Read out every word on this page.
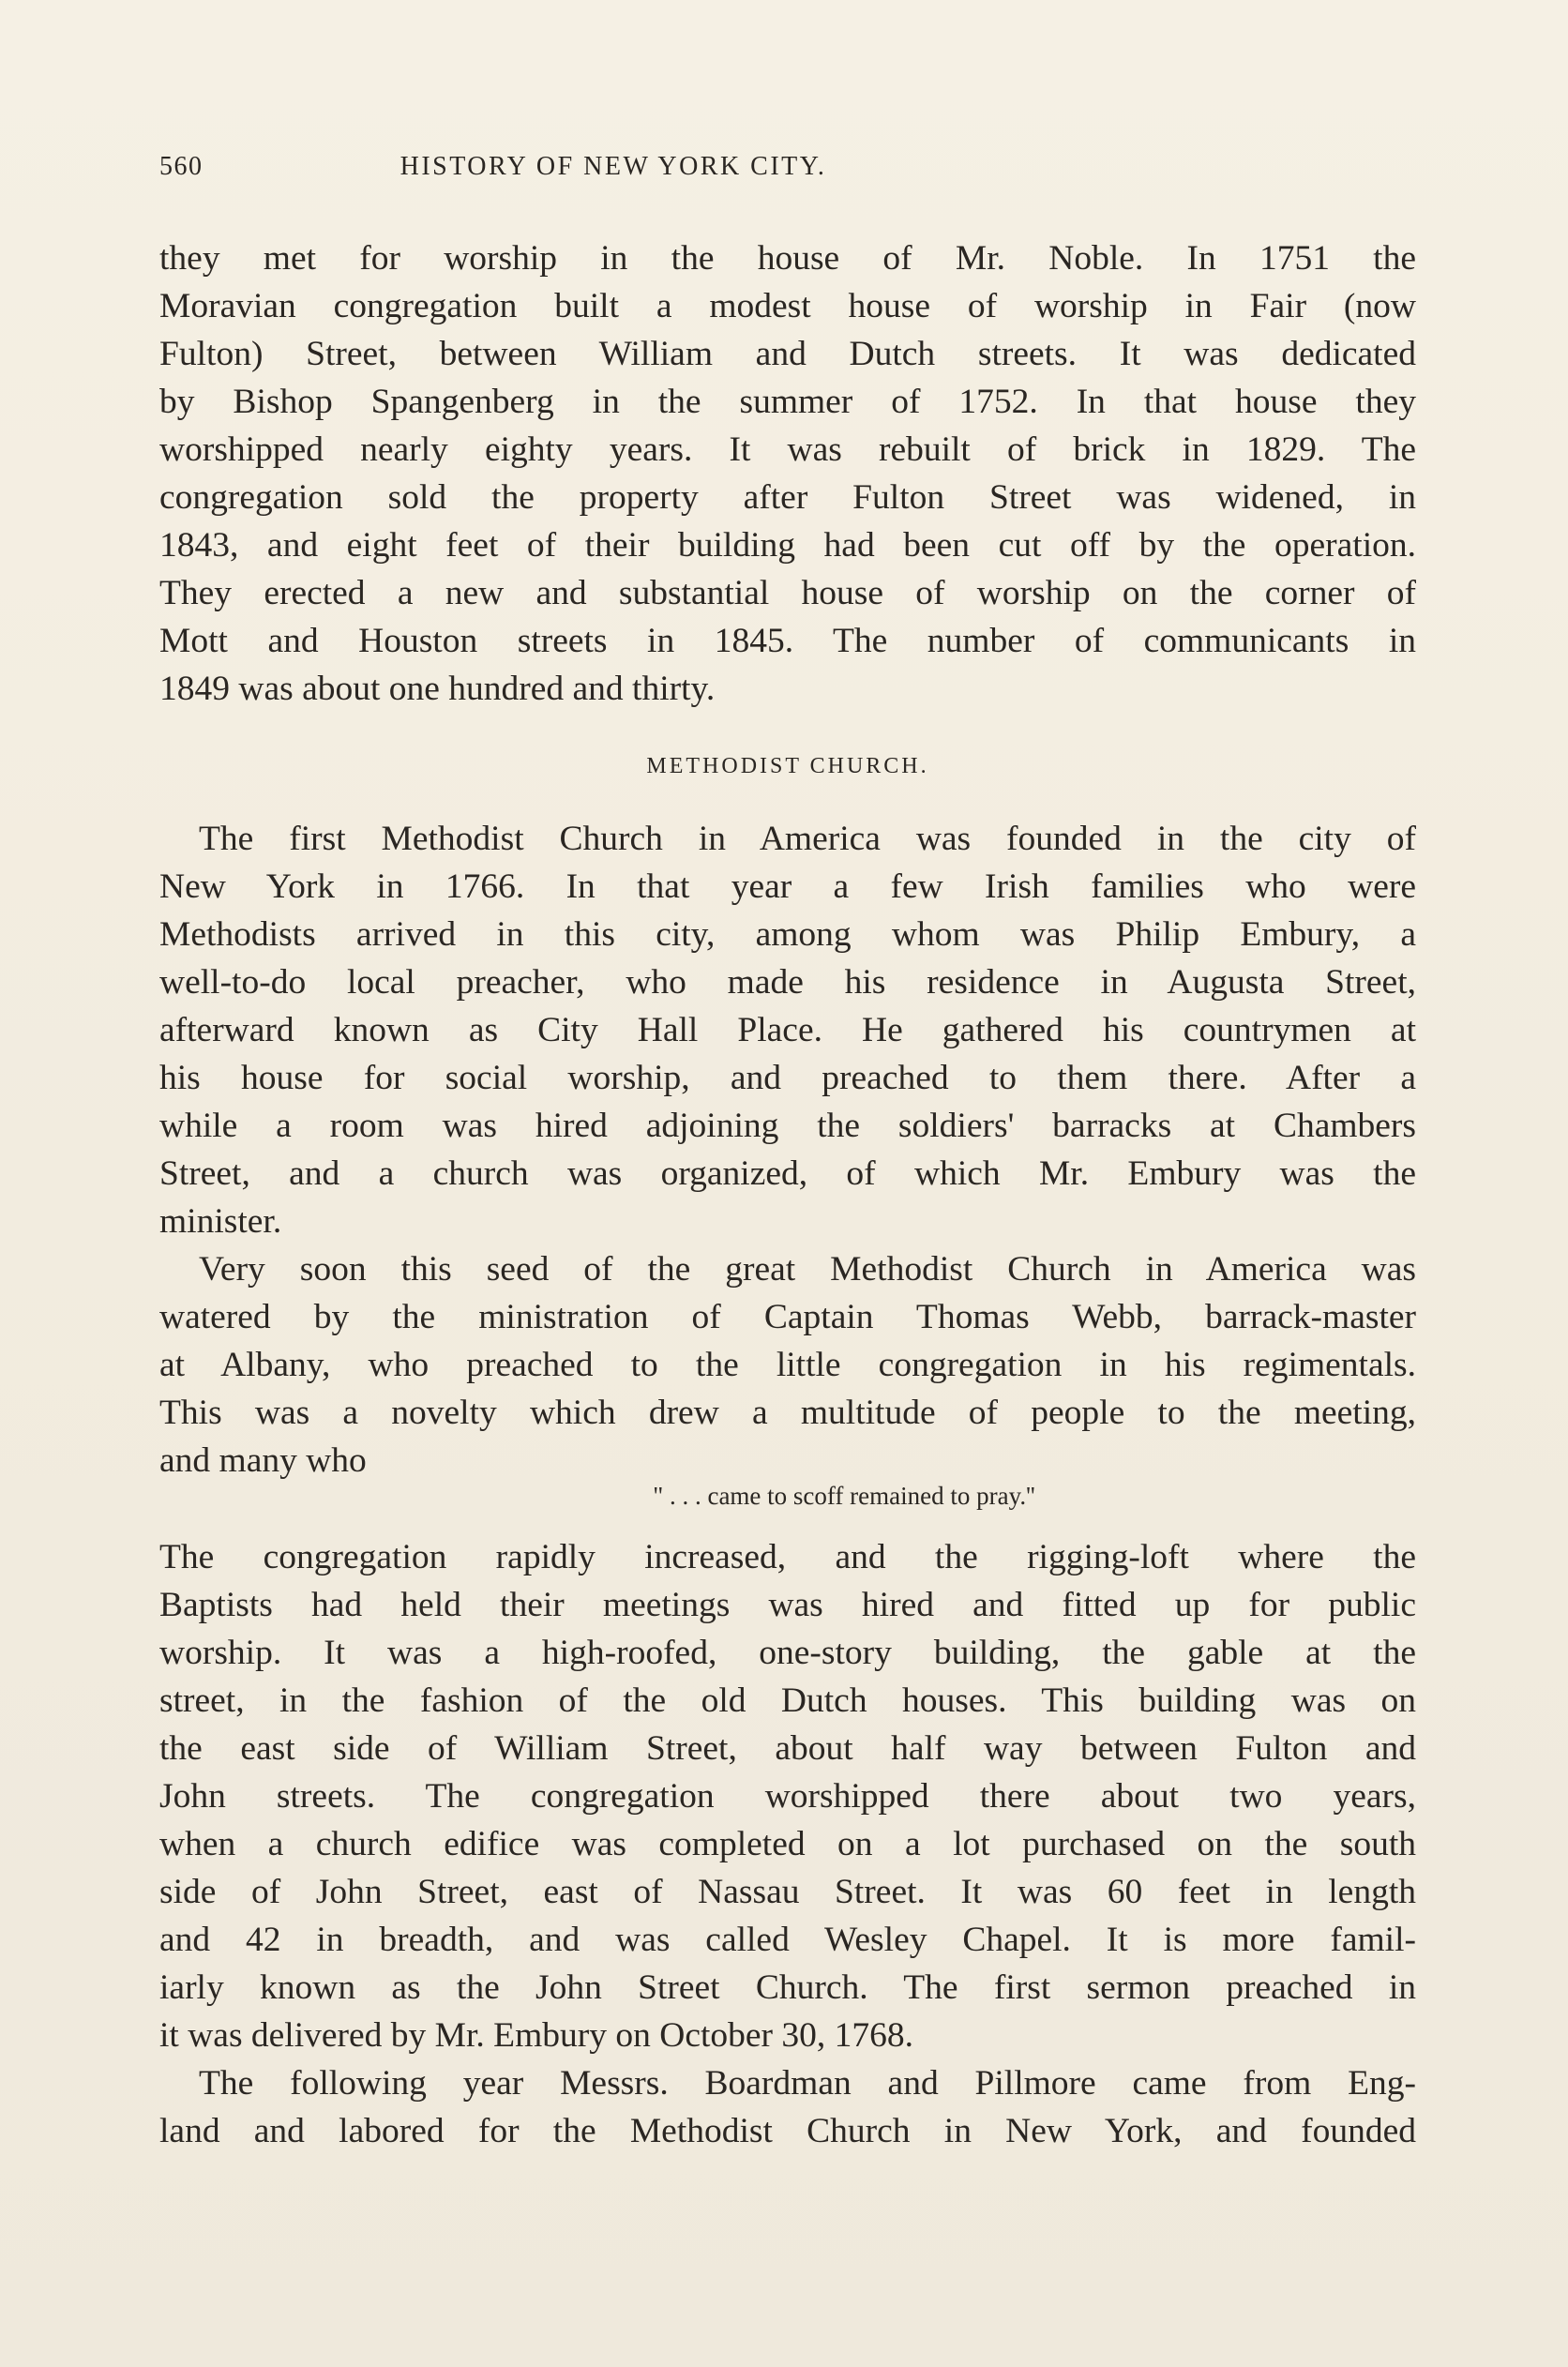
560	HISTORY OF NEW YORK CITY.
they met for worship in the house of Mr. Noble. In 1751 the
Moravian congregation built a modest house of worship in Fair (now
Fulton) Street, between William and Dutch streets. It was dedicated
by Bishop Spangenberg in the summer of 1752. In that house they
worshipped nearly eighty years. It was rebuilt of brick in 1829. The
congregation sold the property after Fulton Street was widened, in
1843, and eight feet of their building had been cut off by the operation.
They erected a new and substantial house of worship on the corner of
Mott and Houston streets in 1845. The number of communicants in
1849 was about one hundred and thirty.
METHODIST CHURCH.
The first Methodist Church in America was founded in the city of
New York in 1766. In that year a few Irish families who were
Methodists arrived in this city, among whom was Philip Embury, a
well-to-do local preacher, who made his residence in Augusta Street,
afterward known as City Hall Place. He gathered his countrymen at
his house for social worship, and preached to them there. After a
while a room was hired adjoining the soldiers' barracks at Chambers
Street, and a church was organized, of which Mr. Embury was the
minister.
Very soon this seed of the great Methodist Church in America was
watered by the ministration of Captain Thomas Webb, barrack-master
at Albany, who preached to the little congregation in his regimentals.
This was a novelty which drew a multitude of people to the meeting,
and many who
" . . . came to scoff remained to pray.''
The congregation rapidly increased, and the rigging-loft where the
Baptists had held their meetings was hired and fitted up for public
worship. It was a high-roofed, one-story building, the gable at the
street, in the fashion of the old Dutch houses. This building was on
the east side of William Street, about half way between Fulton and
John streets. The congregation worshipped there about two years,
when a church edifice was completed on a lot purchased on the south
side of John Street, east of Nassau Street. It was 60 feet in length
and 42 in breadth, and was called Wesley Chapel. It is more famil-
iarly known as the John Street Church. The first sermon preached in
it was delivered by Mr. Embury on October 30, 1768.
The following year Messrs. Boardman and Pillmore came from Eng-
land and labored for the Methodist Church in New York, and founded
